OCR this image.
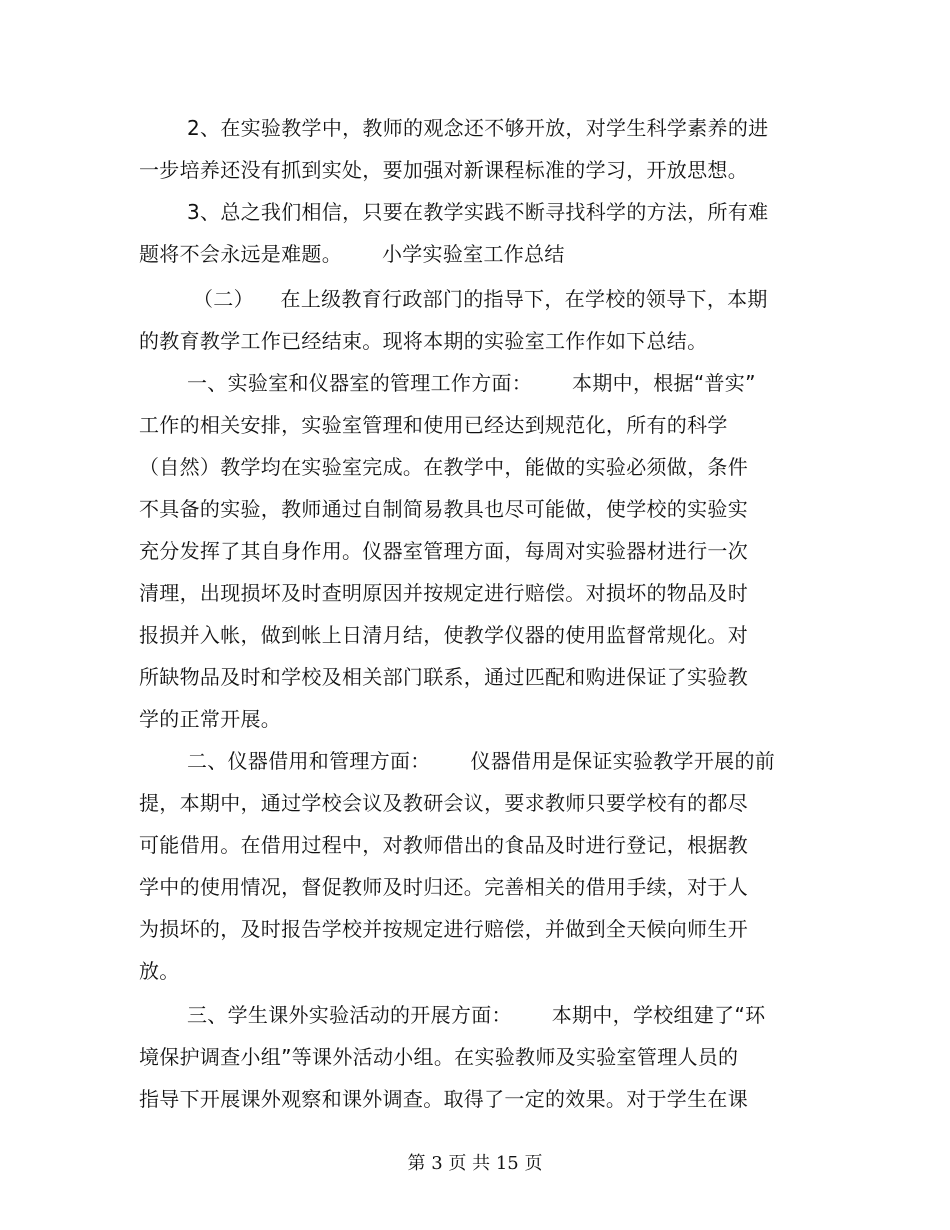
2、在实验教学中，教师的观念还不够开放，对学生科学素养的进
一步培养还没有抓到实处，要加强对新课程标准的学习，开放思想。
3、总之我们相信，只要在教学实践不断寻找科学的方法，所有难
题将不会永远是难题。      小学实验室工作总结
（二）    在上级教育行政部门的指导下，在学校的领导下，本期
的教育教学工作已经结束。现将本期的实验室工作作如下总结。
一、实验室和仪器室的管理工作方面：      本期中，根据“普实”
工作的相关安排，实验室管理和使用已经达到规范化，所有的科学
（自然）教学均在实验室完成。在教学中，能做的实验必须做，条件
不具备的实验，教师通过自制简易教具也尽可能做，使学校的实验实
充分发挥了其自身作用。仪器室管理方面，每周对实验器材进行一次
清理，出现损坏及时查明原因并按规定进行赔偿。对损坏的物品及时
报损并入帐，做到帐上日清月结，使教学仪器的使用监督常规化。对
所缺物品及时和学校及相关部门联系，通过匹配和购进保证了实验教
学的正常开展。
二、仪器借用和管理方面：      仪器借用是保证实验教学开展的前
提，本期中，通过学校会议及教研会议，要求教师只要学校有的都尽
可能借用。在借用过程中，对教师借出的食品及时进行登记，根据教
学中的使用情况，督促教师及时归还。完善相关的借用手续，对于人
为损坏的，及时报告学校并按规定进行赔偿，并做到全天候向师生开
放。
三、学生课外实验活动的开展方面：      本期中，学校组建了“环
境保护调查小组”等课外活动小组。在实验教师及实验室管理人员的
指导下开展课外观察和课外调查。取得了一定的效果。对于学生在课
第 3 页 共 15 页
